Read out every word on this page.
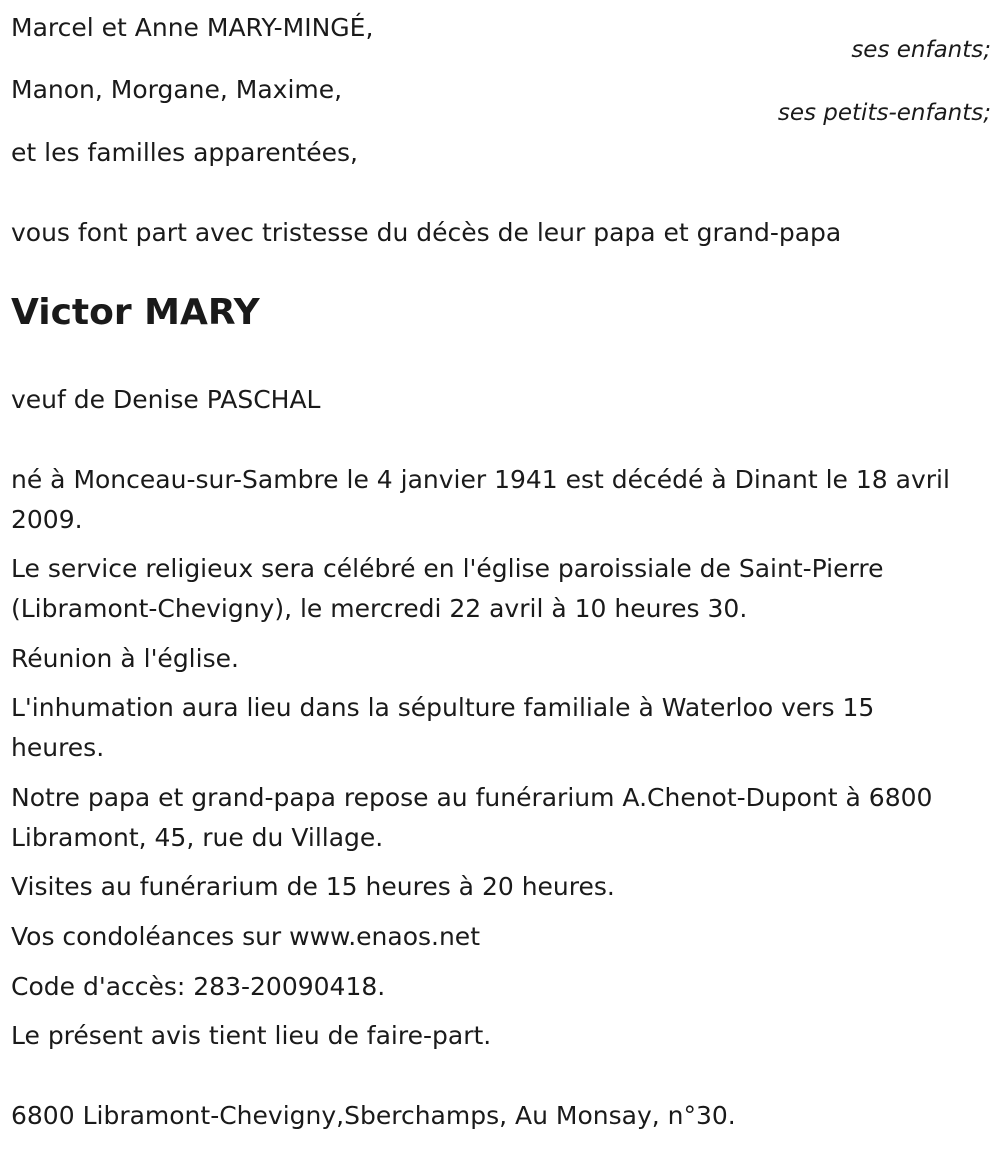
Marcel et Anne MARY-MINGÉ,

ses enfants;

Manon, Morgane, Maxime,

ses petits-enfants;

et les familles apparentées,

vous font part avec tristesse du décès de leur papa et grand-papa

Victor MARY

veuf de Denise PASCHAL

né à Monceau-sur-Sambre le 4 janvier 1941 est décédé à Dinant le 18 avril 2009.

Le service religieux sera célébré en l'église paroissiale de Saint-Pierre (Libramont-Chevigny), le mercredi 22 avril à 10 heures 30.

Réunion à l'église.

L'inhumation aura lieu dans la sépulture familiale à Waterloo vers 15 heures.

Notre papa et grand-papa repose au funérarium A.Chenot-Dupont à 6800 Libramont, 45, rue du Village.

Visites au funérarium de 15 heures à 20 heures.

Vos condoléances sur www.enaos.net

Code d'accès: 283-20090418.

Le présent avis tient lieu de faire-part.

6800 Libramont-Chevigny,Sberchamps, Au Monsay, n°30.
